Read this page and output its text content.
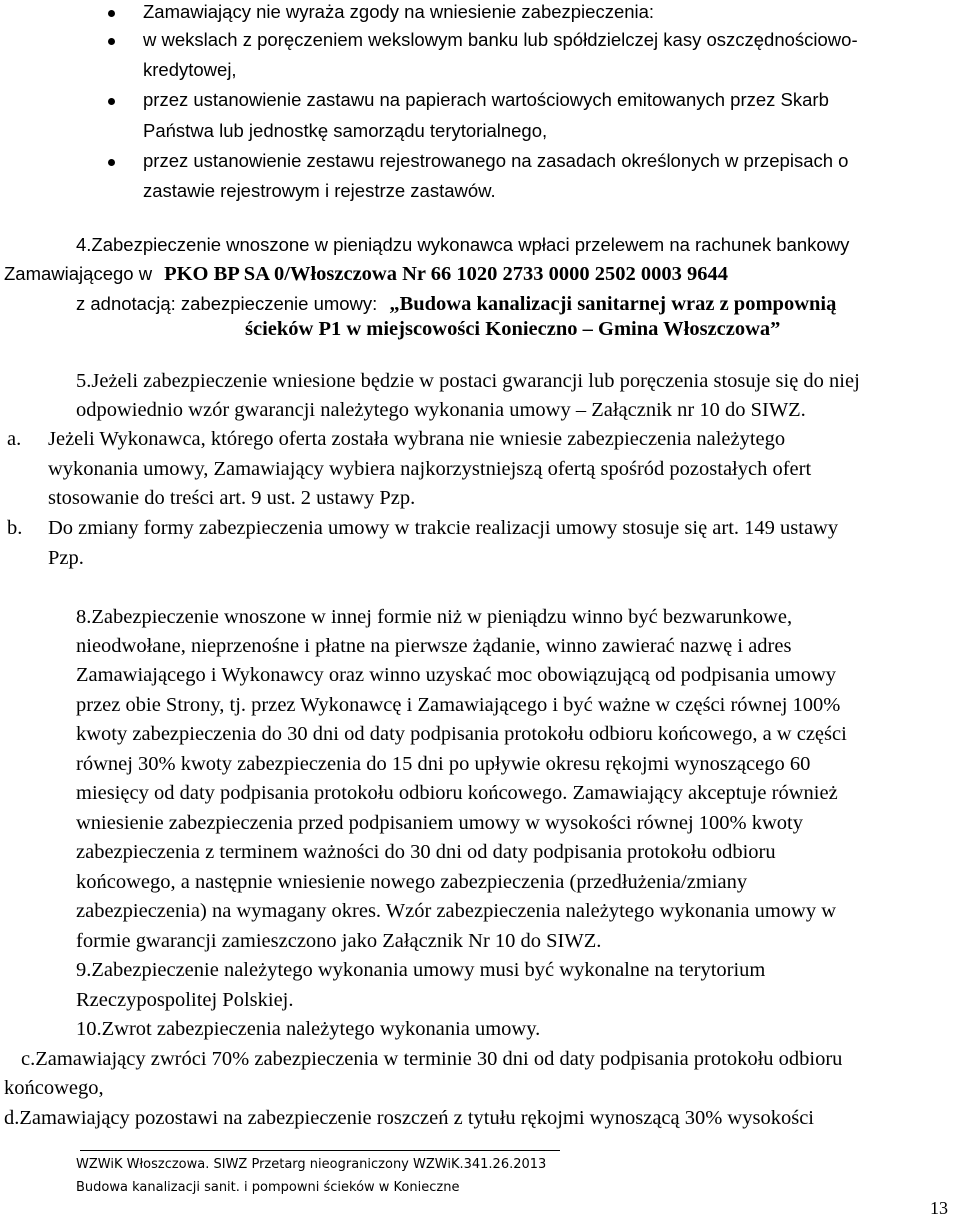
Zamawiający nie wyraża zgody na wniesienie zabezpieczenia:
w wekslach z poręczeniem wekslowym banku lub spółdzielczej kasy oszczędnościowo-
kredytowej,
przez ustanowienie zastawu na papierach wartościowych emitowanych przez Skarb
Państwa lub jednostkę samorządu terytorialnego,
przez ustanowienie zestawu rejestrowanego na zasadach określonych w przepisach o
zastawie rejestrowym i rejestrze zastawów.
4.Zabezpieczenie wnoszone w pieniądzu wykonawca wpłaci przelewem na rachunek bankowy
Zamawiającego w PKO BP SA 0/Włoszczowa Nr 66 1020 2733 0000 2502 0003 9644
z adnotacją: zabezpieczenie umowy: „Budowa kanalizacji sanitarnej wraz z pompownią
ścieków P1 w miejscowości Konieczno – Gmina Włoszczowa”
5.Jeżeli zabezpieczenie wniesione będzie w postaci gwarancji lub poręczenia stosuje się do niej
odpowiednio wzór gwarancji należytego wykonania umowy – Załącznik nr 10 do SIWZ.
a. Jeżeli Wykonawca, którego oferta została wybrana nie wniesie zabezpieczenia należytego
wykonania umowy, Zamawiający wybiera najkorzystniejszą ofertą spośród pozostałych ofert
stosowanie do treści art. 9 ust. 2 ustawy Pzp.
b. Do zmiany formy zabezpieczenia umowy w trakcie realizacji umowy stosuje się art. 149 ustawy
Pzp.
8.Zabezpieczenie wnoszone w innej formie niż w pieniądzu winno być bezwarunkowe,
nieodwołane, nieprzenośne i płatne na pierwsze żądanie, winno zawierać nazwę i adres
Zamawiającego i Wykonawcy oraz winno uzyskać moc obowiązującą od podpisania umowy
przez obie Strony, tj. przez Wykonawcę i Zamawiającego i być ważne w części równej 100%
kwoty zabezpieczenia do 30 dni od daty podpisania protokołu odbioru końcowego, a w części
równej 30% kwoty zabezpieczenia do 15 dni po upływie okresu rękojmi wynoszącego 60
miesięcy od daty podpisania protokołu odbioru końcowego. Zamawiający akceptuje również
wniesienie zabezpieczenia przed podpisaniem umowy w wysokości równej 100% kwoty
zabezpieczenia z terminem ważności do 30 dni od daty podpisania protokołu odbioru
końcowego, a następnie wniesienie nowego zabezpieczenia (przedłużenia/zmiany
zabezpieczenia) na wymagany okres. Wzór zabezpieczenia należytego wykonania umowy w
formie gwarancji zamieszczono jako Załącznik Nr 10 do SIWZ.
9.Zabezpieczenie należytego wykonania umowy musi być wykonalne na terytorium
Rzeczypospolitej Polskiej.
10.Zwrot zabezpieczenia należytego wykonania umowy.
c.Zamawiający zwróci 70% zabezpieczenia w terminie 30 dni od daty podpisania protokołu odbioru
końcowego,
d.Zamawiający pozostawi na zabezpieczenie roszczeń z tytułu rękojmi wynoszącą 30% wysokości
WZWiK Włoszczowa. SIWZ Przetarg nieograniczony WZWiK.341.26.2013
Budowa kanalizacji sanit. i pompowni ścieków w Konieczne
13
